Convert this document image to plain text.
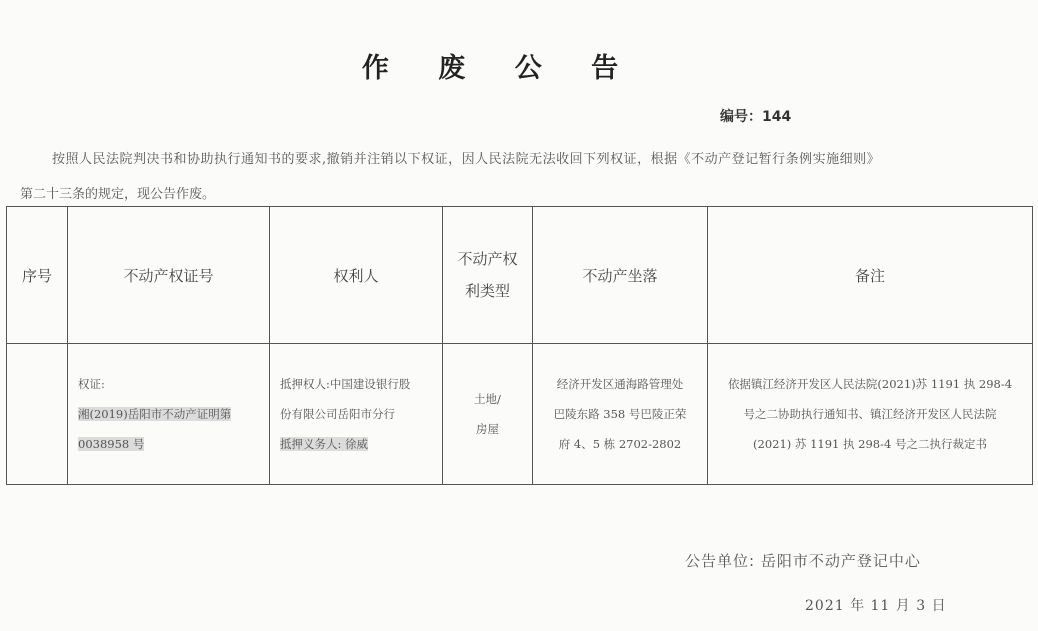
作 废 公 告
编号：144
按照人民法院判决书和协助执行通知书的要求,撤销并注销以下权证，因人民法院无法收回下列权证，根据《不动产登记暂行条例实施细则》
第二十三条的规定，现公告作废。
序号	不动产权证号	权利人	不动产权
利类型	不动产坐落	备注
	权证:
湘(2019)岳阳市不动产证明第
0038958 号	抵押权人:中国建设银行股
份有限公司岳阳市分行
抵押义务人: 徐威	土地/
房屋	经济开发区通海路管理处
巴陵东路 358 号巴陵正荣
府 4、5 栋 2702-2802	依据镇江经济开发区人民法院(2021)苏 1191 执 298-4
号之二协助执行通知书、镇江经济开发区人民法院
(2021) 苏 1191 执 298-4 号之二执行裁定书
公告单位: 岳阳市不动产登记中心
2021 年 11 月 3 日
